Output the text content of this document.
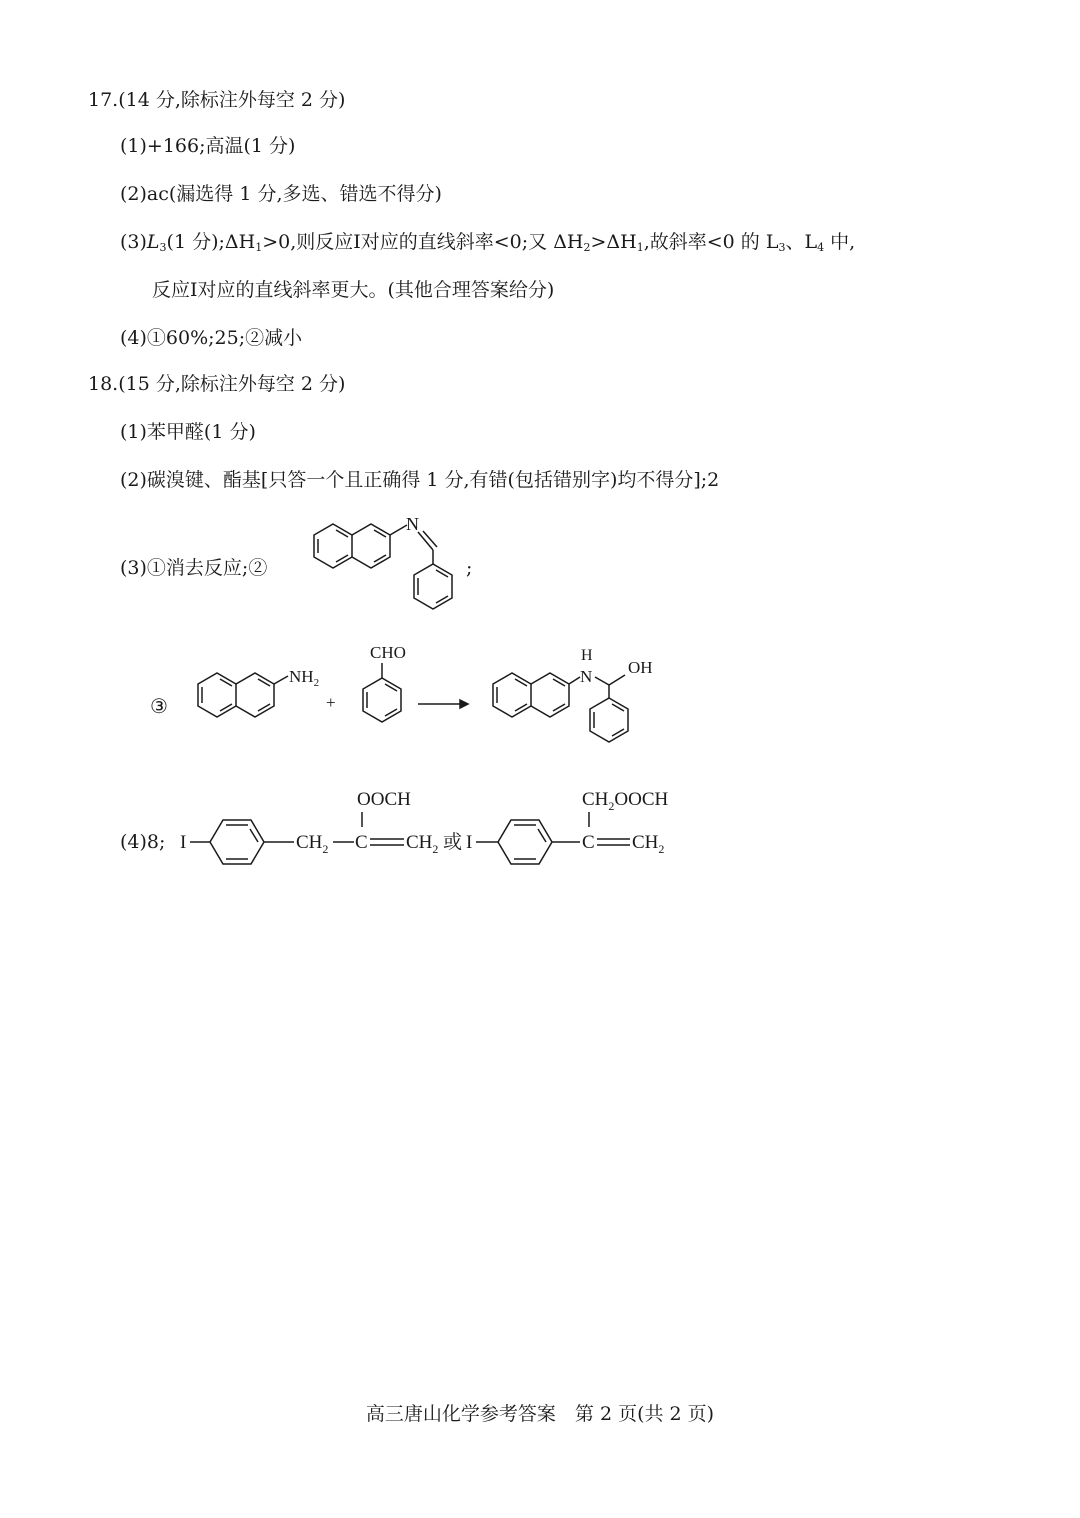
17.(14 分,除标注外每空 2 分)
(1)+166;高温(1 分)
(2)ac(漏选得 1 分,多选、错选不得分)
$(3)L_3(1$ 分)$;\Delta H_1>0$,则反应Ⅰ对应的直线斜率<0;又 $\Delta H_2>\Delta H_1$,故斜率<0 的 $L_3$、$L_4$ 中,
反应Ⅰ对应的直线斜率更大。(其他合理答案给分)
(4)①60%;25;②减小
18.(15 分,除标注外每空 2 分)
(1)苯甲醛(1 分)
(2)碳溴键、酯基[只答一个且正确得 1 分,有错(包括错别字)均不得分];2
(3)①消去反应;②
N
;
③
$NH_2$
+
CHO	H
N OH
(4)8; I	$CH_2$ C
OOCH
$CH_2$ 或 I	C
$CH_2OOCH$
$CH_2$
高三唐山化学参考答案　第 2 页(共 2 页)
